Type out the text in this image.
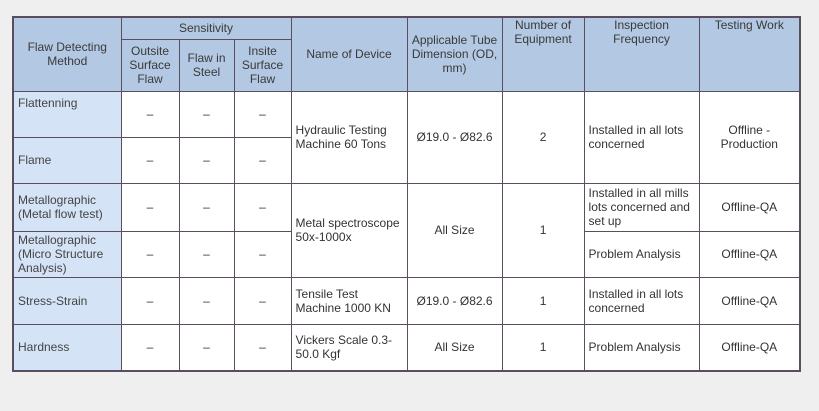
Flaw Detecting Method	Sensitivity			Name of Device	Applicable Tube Dimension (OD, mm)	Number of Equipment	Inspection Frequency	Testing Work
	Outsite Surface Flaw	Flaw in Steel	Insite Surface Flaw					
Flattenning	–	–	–	Hydraulic Testing Machine 60 Tons	Ø19.0 - Ø82.6	2	Installed in all lots concerned	Offline - Production
Flame	–	–	–					
Metallographic (Metal flow test)	–	–	–	Metal spectroscope 50x-1000x	All Size	1	Installed in all mills lots concerned and set up	Offline-QA
Metallographic (Micro Structure Analysis)	–	–	–				Problem Analysis	Offline-QA
Stress-Strain	–	–	–	Tensile Test Machine 1000 KN	Ø19.0 - Ø82.6	1	Installed in all lots concerned	Offline-QA
Hardness	–	–	–	Vickers Scale 0.3-50.0 Kgf	All Size	1	Problem Analysis	Offline-QA
